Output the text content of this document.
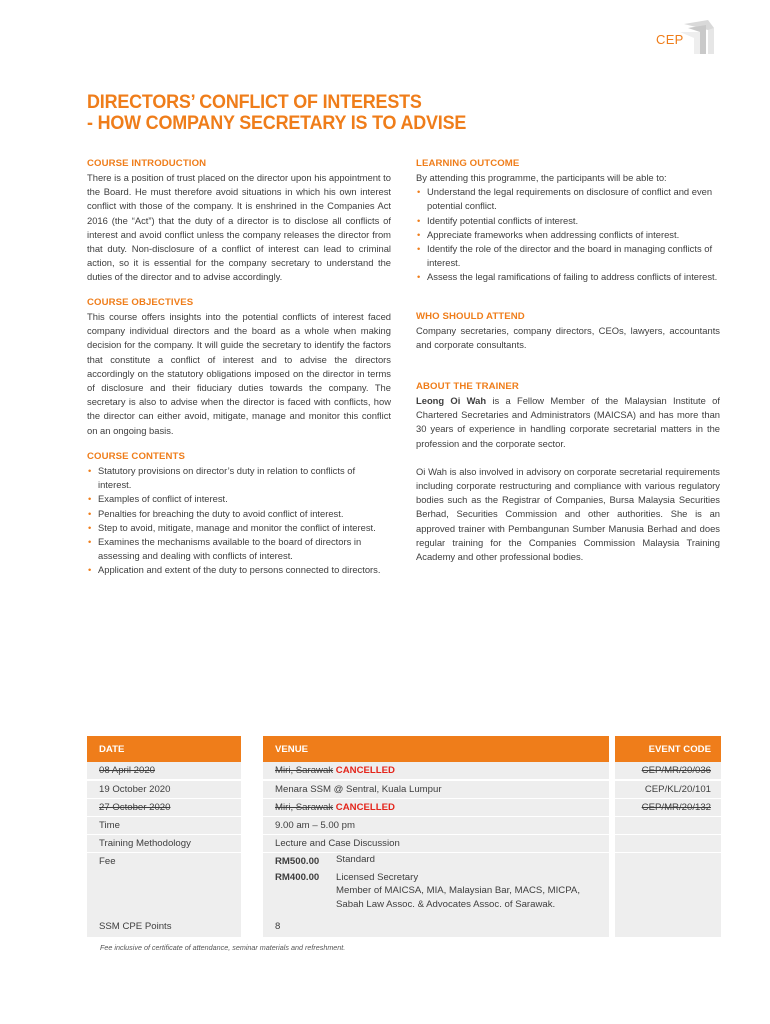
CEP
DIRECTORS’ CONFLICT OF INTERESTS
- HOW COMPANY SECRETARY IS TO ADVISE
COURSE INTRODUCTION
There is a position of trust placed on the director upon his appointment to the Board. He must therefore avoid situations in which his own interest conflict with those of the company. It is enshrined in the Companies Act 2016 (the “Act”) that the duty of a director is to disclose all conflicts of interest and avoid conflict unless the company releases the director from that duty. Non-disclosure of a conflict of interest can lead to criminal action, so it is essential for the company secretary to understand the duties of the director and to advise accordingly.
COURSE OBJECTIVES
This course offers insights into the potential conflicts of interest faced company individual directors and the board as a whole when making decision for the company. It will guide the secretary to identify the factors that constitute a conflict of interest and to advise the directors accordingly on the statutory obligations imposed on the director in terms of disclosure and their fiduciary duties towards the company. The secretary is also to advise when the director is faced with conflicts, how the director can either avoid, mitigate, manage and monitor this conflict on an ongoing basis.
COURSE CONTENTS
• Statutory provisions on director’s duty in relation to conflicts of interest.
• Examples of conflict of interest.
• Penalties for breaching the duty to avoid conflict of interest.
• Step to avoid, mitigate, manage and monitor the conflict of interest.
• Examines the mechanisms available to the board of directors in assessing and dealing with conflicts of interest.
• Application and extent of the duty to persons connected to directors.
LEARNING OUTCOME
By attending this programme, the participants will be able to:
• Understand the legal requirements on disclosure of conflict and even potential conflict.
• Identify potential conflicts of interest.
• Appreciate frameworks when addressing conflicts of interest.
• Identify the role of the director and the board in managing conflicts of interest.
• Assess the legal ramifications of failing to address conflicts of interest.
WHO SHOULD ATTEND
Company secretaries, company directors, CEOs, lawyers, accountants and corporate consultants.
ABOUT THE TRAINER
Leong Oi Wah is a Fellow Member of the Malaysian Institute of Chartered Secretaries and Administrators (MAICSA) and has more than 30 years of experience in handling corporate secretarial matters in the profession and the corporate sector.
Oi Wah is also involved in advisory on corporate secretarial requirements including corporate restructuring and compliance with various regulatory bodies such as the Registrar of Companies, Bursa Malaysia Securities Berhad, Securities Commission and other authorities. She is an approved trainer with Pembangunan Sumber Manusia Berhad and does regular training for the Companies Commission Malaysia Training Academy and other professional bodies.
DATE	VENUE	EVENT CODE
08 April 2020	Miri, Sarawak CANCELLED	CEP/MR/20/036
19 October 2020	Menara SSM @ Sentral, Kuala Lumpur	CEP/KL/20/101
27 October 2020	Miri, Sarawak CANCELLED	CEP/MR/20/132
Time	9.00 am – 5.00 pm
Training Methodology	Lecture and Case Discussion
Fee	RM500.00	Standard
RM400.00	Licensed Secretary
Member of MAICSA, MIA, Malaysian Bar, MACS, MICPA,
Sabah Law Assoc. & Advocates Assoc. of Sarawak.
SSM CPE Points	8
Fee inclusive of certificate of attendance, seminar materials and refreshment.
